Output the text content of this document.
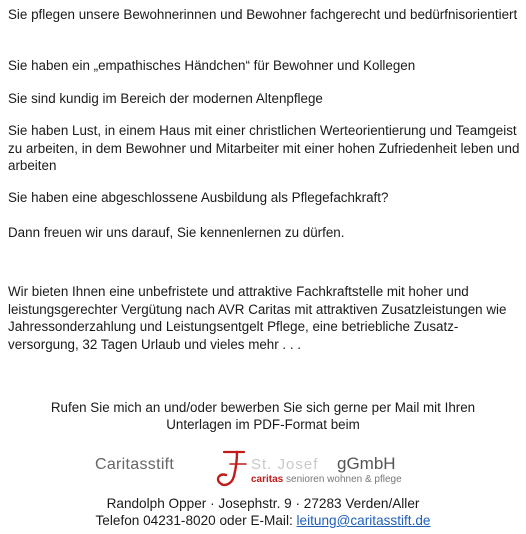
Sie pflegen unsere Bewohnerinnen und Bewohner fachgerecht und bedürfnisorientiert

Sie haben ein „empathisches Händchen“ für Bewohner und Kollegen

Sie sind kundig im Bereich der modernen Altenpflege

Sie haben Lust, in einem Haus mit einer christlichen Werteorientierung und Teamgeist zu arbeiten, in dem Bewohner und Mitarbeiter mit einer hohen Zufriedenheit leben und arbeiten

Sie haben eine abgeschlossene Ausbildung als Pflegefachkraft?

Dann freuen wir uns darauf, Sie kennenlernen zu dürfen.

Wir bieten Ihnen eine unbefristete und attraktive Fachkraftstelle mit hoher und leistungsgerechter Vergütung nach AVR Caritas mit attraktiven Zusatzleistungen wie Jahressonderzahlung und Leistungsentgelt Pflege, eine betriebliche Zusatz-versorgung, 32 Tagen Urlaub und vieles mehr . . .

Rufen Sie mich an und/oder bewerben Sie sich gerne per Mail mit Ihren

Unterlagen im PDF-Format beim

Caritasstift	St. Josef gGmbH
caritas senioren wohnen & pflege

Randolph Opper · Josephstr. 9 · 27283 Verden/Aller

Telefon 04231-8020 oder E-Mail: leitung@caritasstift.de
